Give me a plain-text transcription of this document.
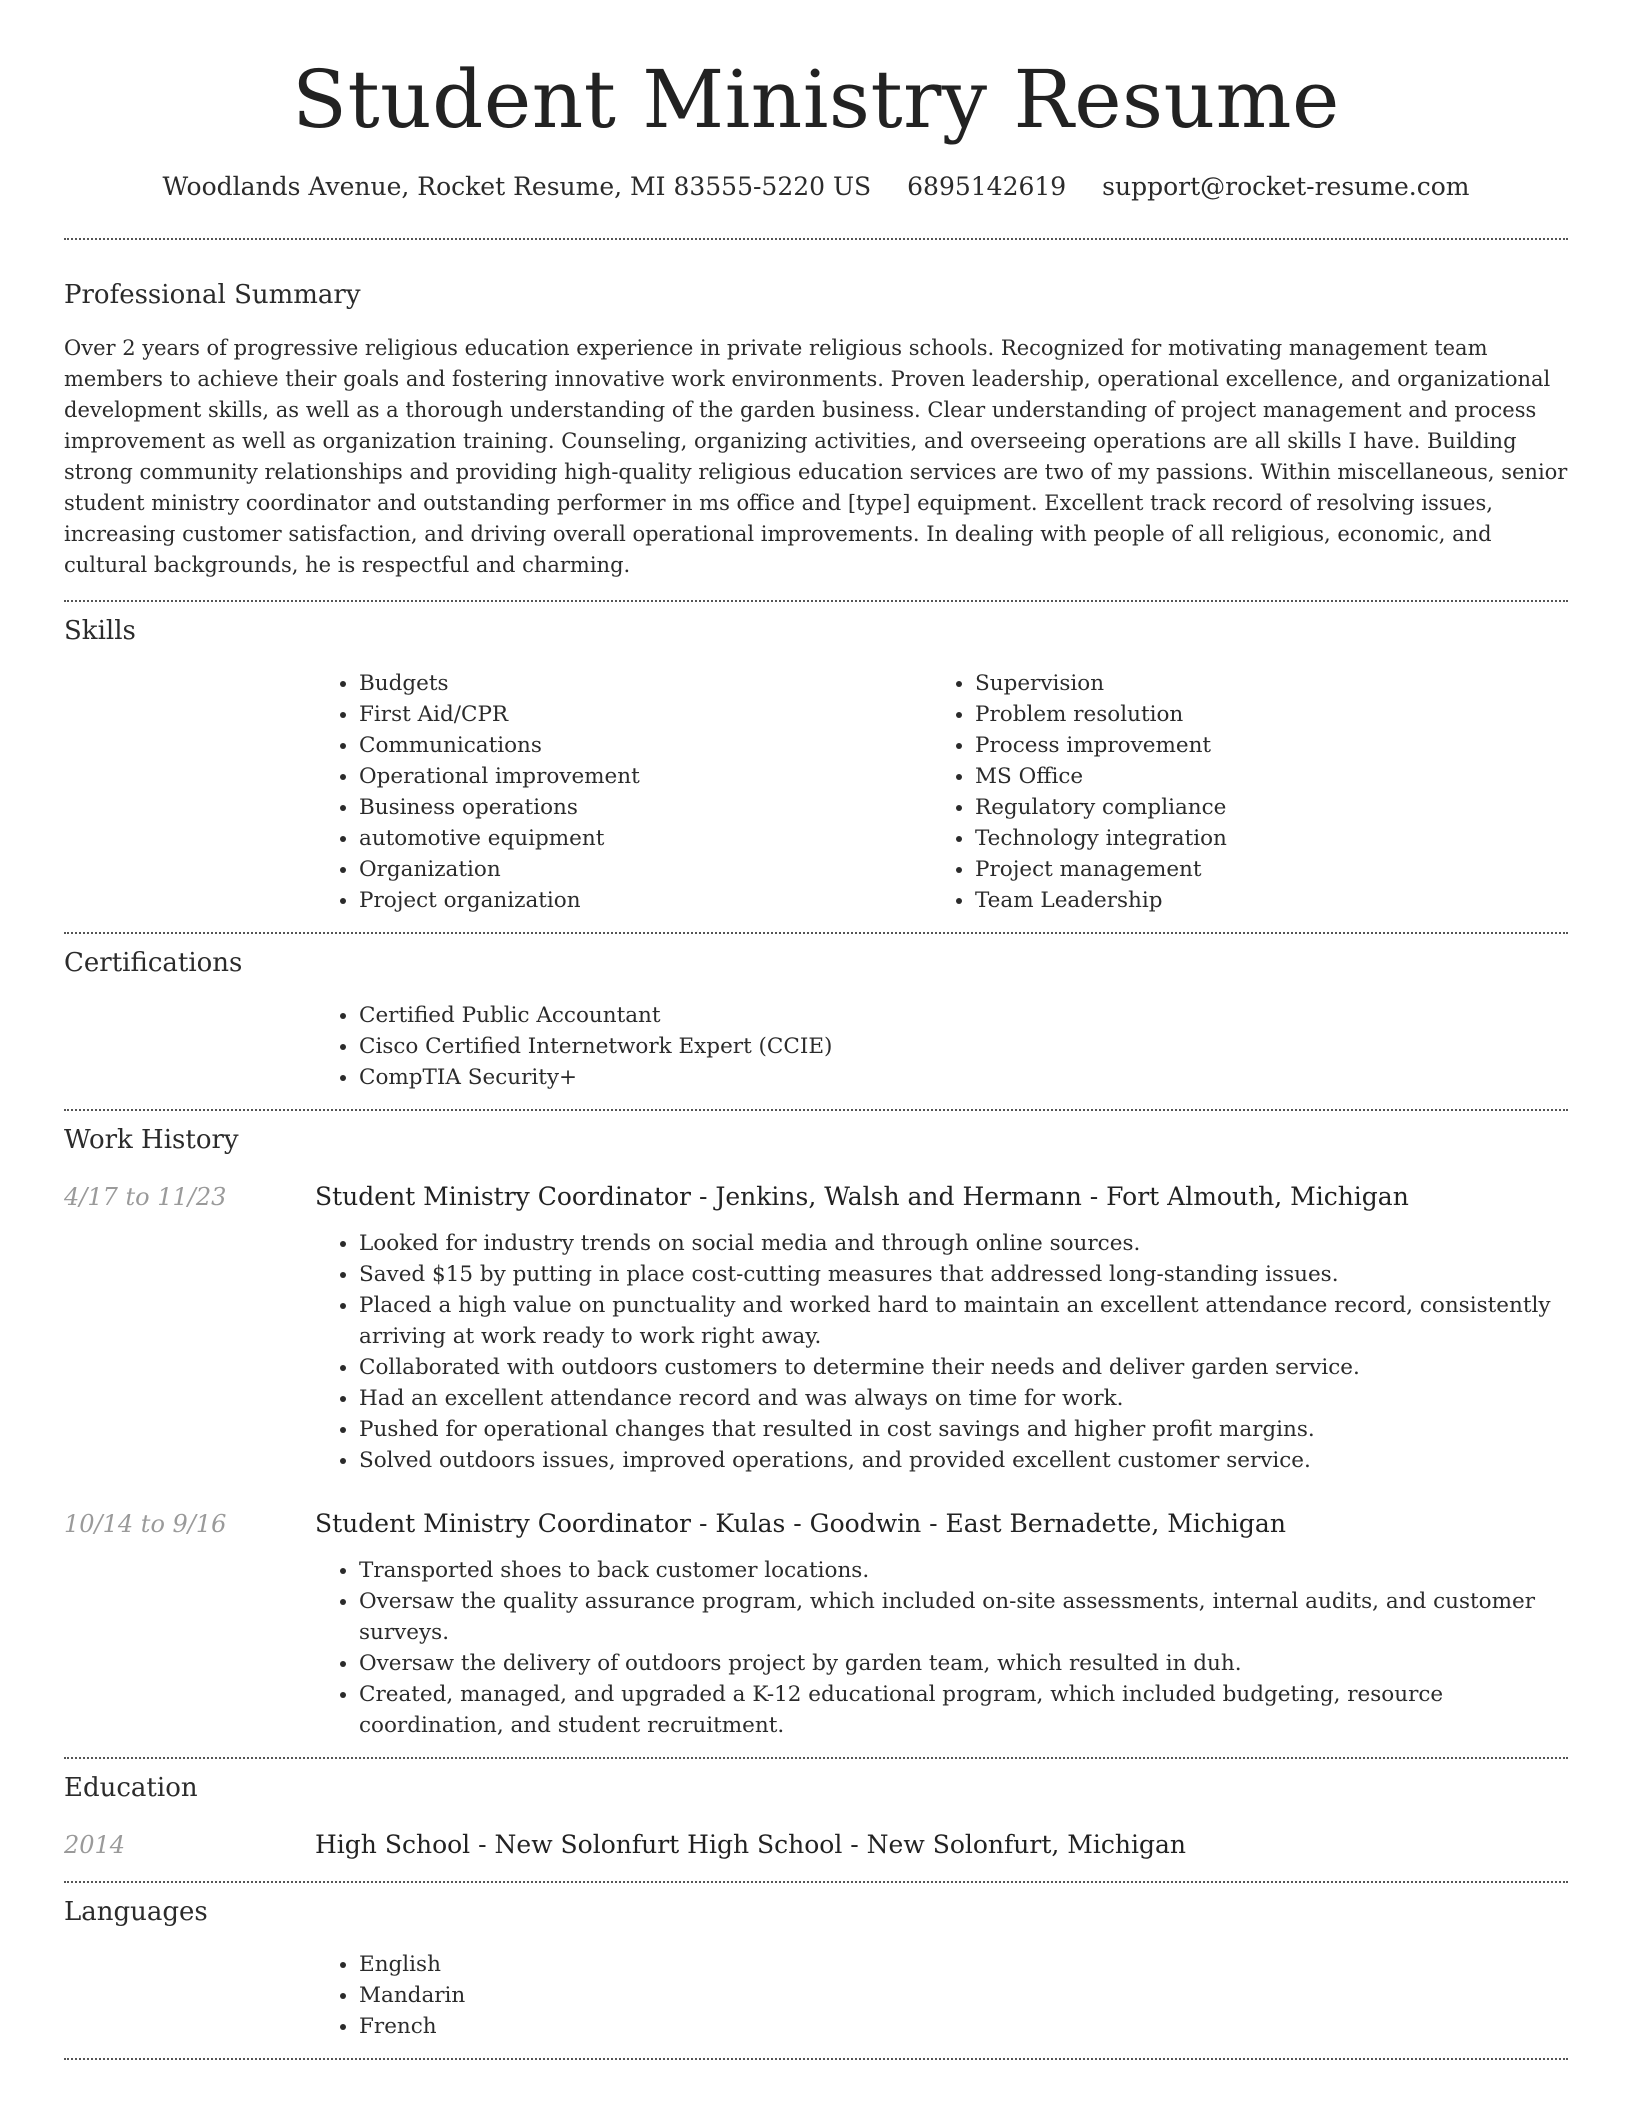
Student Ministry Resume
Woodlands Avenue, Rocket Resume, MI 83555-5220 US 6895142619 support@rocket-resume.com
Professional Summary

Over 2 years of progressive religious education experience in private religious schools. Recognized for motivating management team members to achieve their goals and fostering innovative work environments. Proven leadership, operational excellence, and organizational development skills, as well as a thorough understanding of the garden business. Clear understanding of project management and process improvement as well as organization training. Counseling, organizing activities, and overseeing operations are all skills I have. Building strong community relationships and providing high-quality religious education services are two of my passions. Within miscellaneous, senior student ministry coordinator and outstanding performer in ms office and [type] equipment. Excellent track record of resolving issues, increasing customer satisfaction, and driving overall operational improvements. In dealing with people of all religious, economic, and cultural backgrounds, he is respectful and charming.

Skills
• Budgets
• First Aid/CPR
• Communications
• Operational improvement
• Business operations
• automotive equipment
• Organization
• Project organization
• Supervision
• Problem resolution
• Process improvement
• MS Office
• Regulatory compliance
• Technology integration
• Project management
• Team Leadership
Certifications
• Certified Public Accountant
• Cisco Certified Internetwork Expert (CCIE)
• CompTIA Security+
Work History
4/17 to 11/23	Student Ministry Coordinator - Jenkins, Walsh and Hermann - Fort Almouth, Michigan
• Looked for industry trends on social media and through online sources.
• Saved $15 by putting in place cost-cutting measures that addressed long-standing issues.
• Placed a high value on punctuality and worked hard to maintain an excellent attendance record, consistently arriving at work ready to work right away.
• Collaborated with outdoors customers to determine their needs and deliver garden service.
• Had an excellent attendance record and was always on time for work.
• Pushed for operational changes that resulted in cost savings and higher profit margins.
• Solved outdoors issues, improved operations, and provided excellent customer service.
10/14 to 9/16	Student Ministry Coordinator - Kulas - Goodwin - East Bernadette, Michigan
• Transported shoes to back customer locations.
• Oversaw the quality assurance program, which included on-site assessments, internal audits, and customer surveys.
• Oversaw the delivery of outdoors project by garden team, which resulted in duh.
• Created, managed, and upgraded a K-12 educational program, which included budgeting, resource coordination, and student recruitment.
Education
2014	High School - New Solonfurt High School - New Solonfurt, Michigan
Languages
• English
• Mandarin
• French
